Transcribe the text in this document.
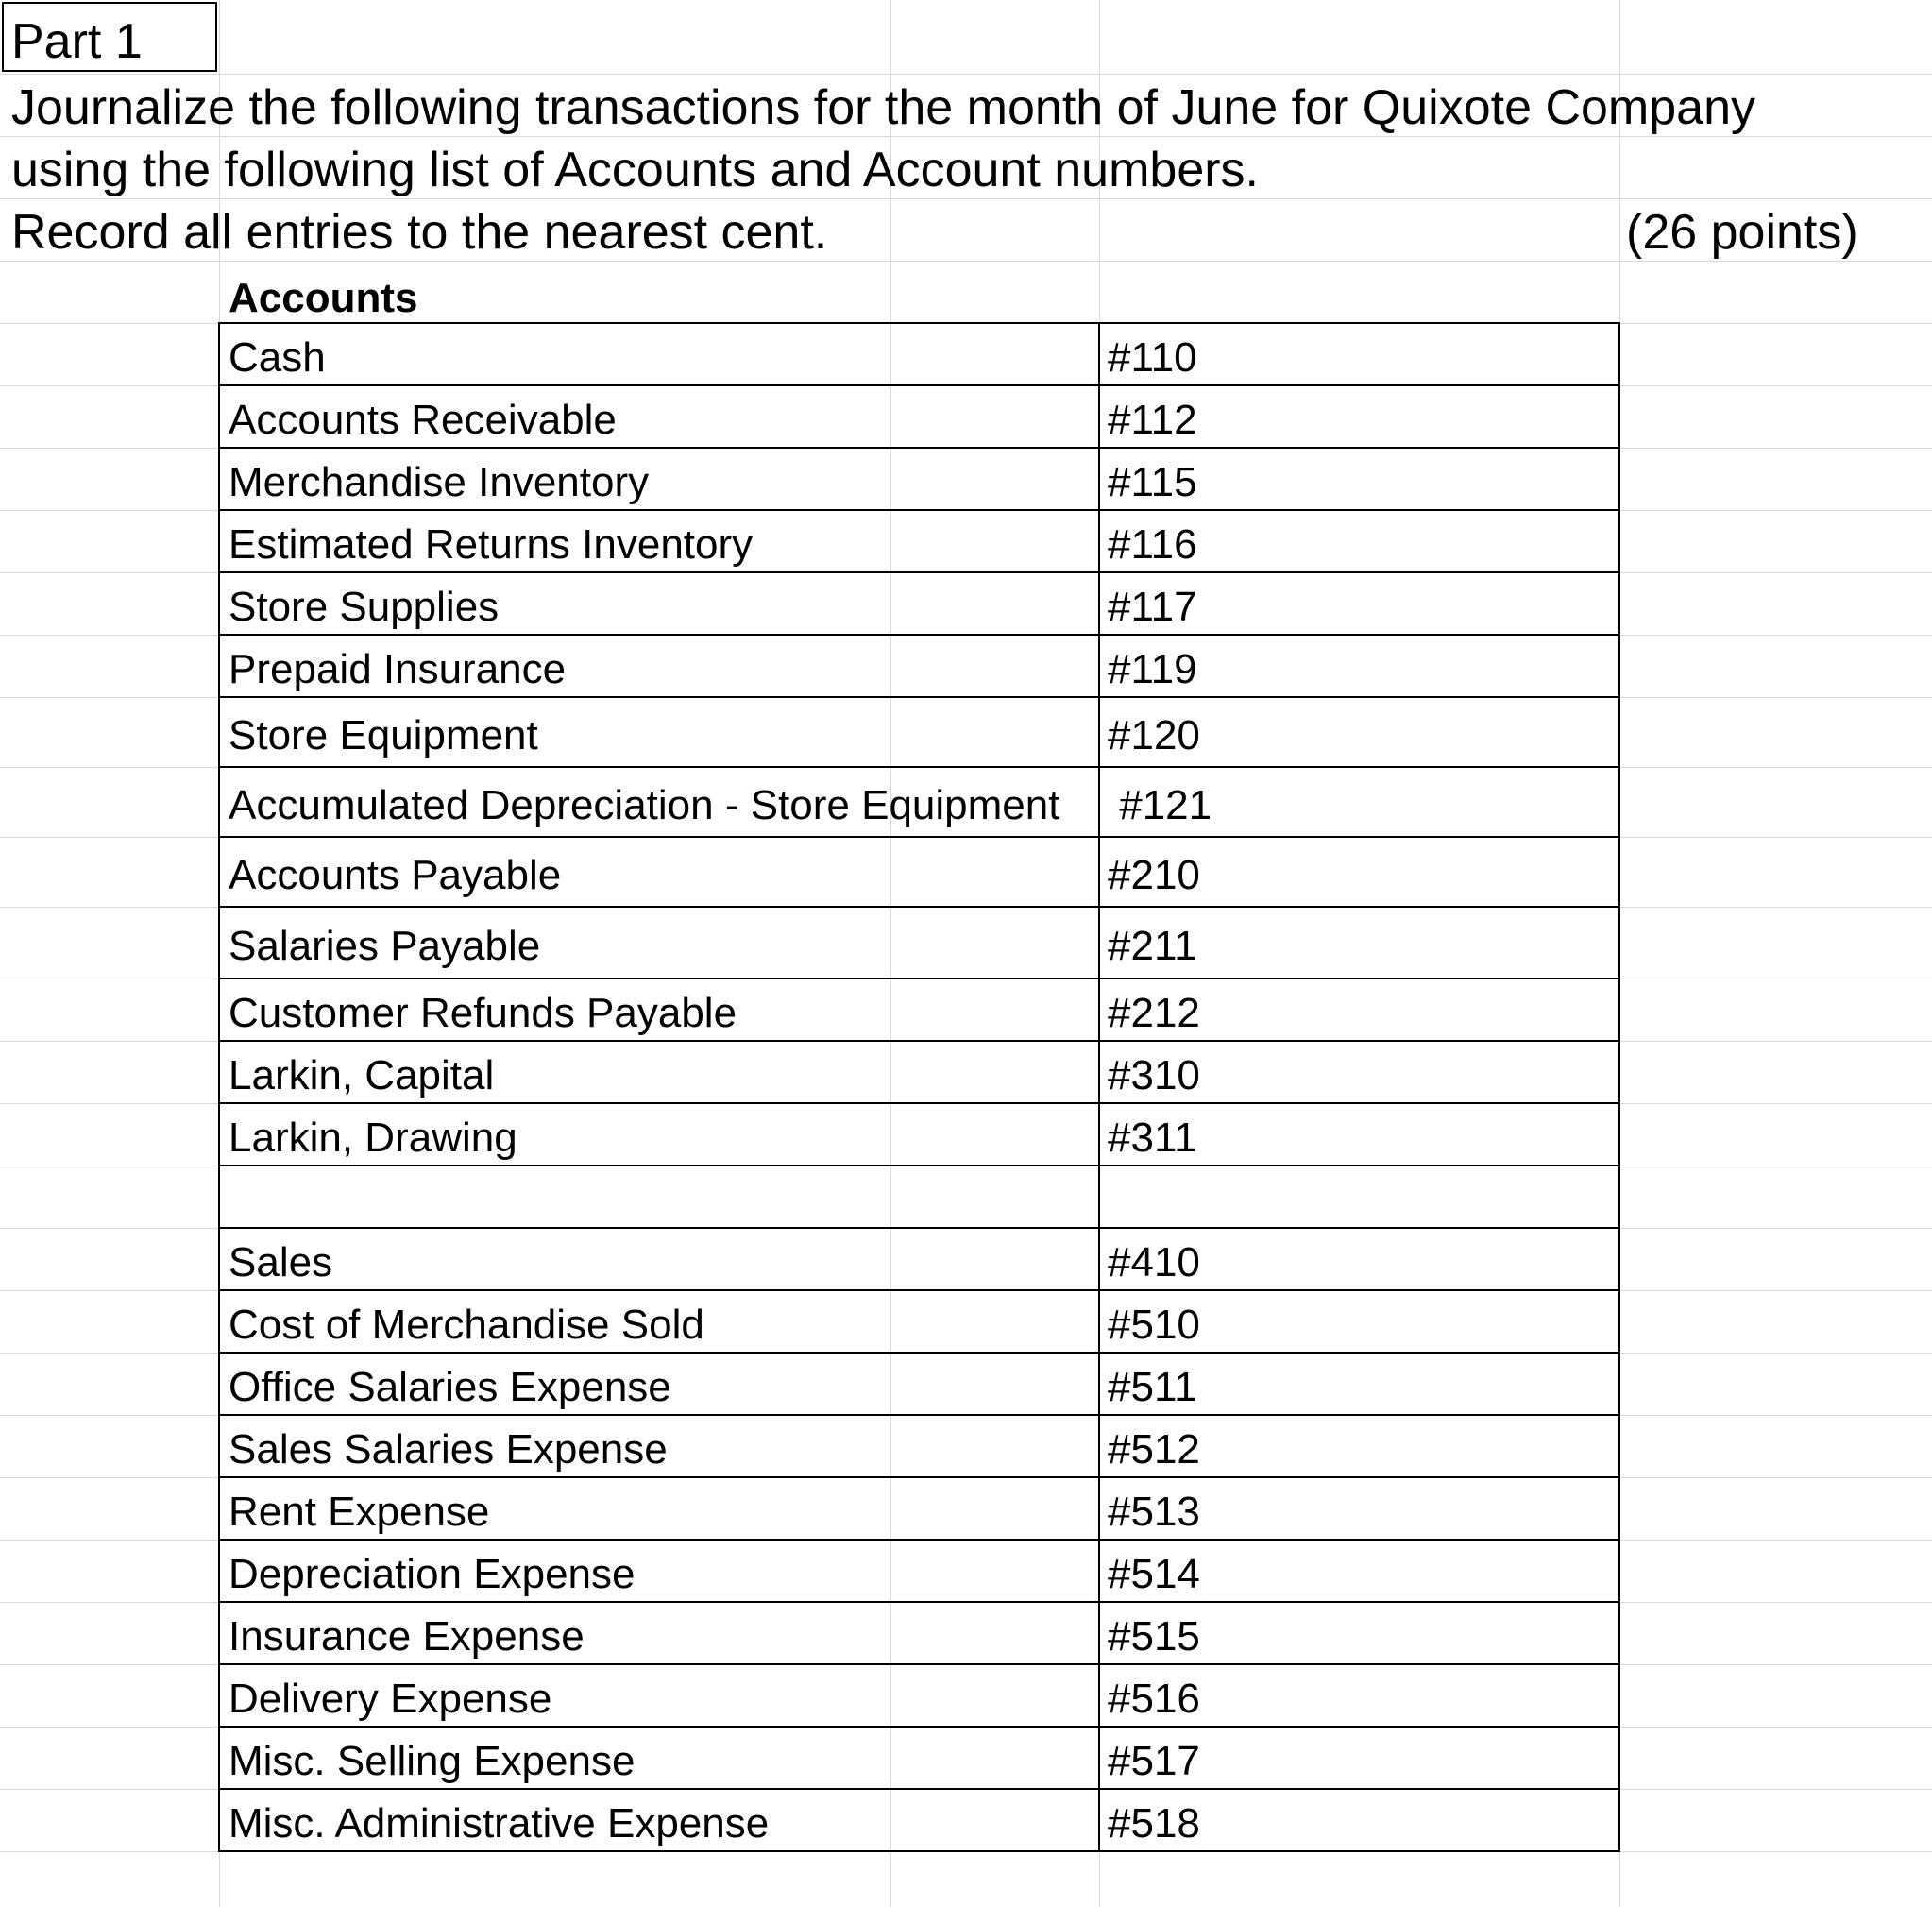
Part 1
Journalize the following transactions for the month of June for Quixote Company
using the following list of Accounts and Account numbers.
Record all entries to the nearest cent.	(26 points)
Accounts
Cash	#110
Accounts Receivable	#112
Merchandise Inventory	#115
Estimated Returns Inventory	#116
Store Supplies	#117
Prepaid Insurance	#119
Store Equipment	#120
Accumulated Depreciation - Store Equipment #121
Accounts Payable	#210
Salaries Payable	#211
Customer Refunds Payable	#212
Larkin, Capital	#310
Larkin, Drawing	#311
Sales	#410
Cost of Merchandise Sold	#510
Office Salaries Expense	#511
Sales Salaries Expense	#512
Rent Expense	#513
Depreciation Expense	#514
Insurance Expense	#515
Delivery Expense	#516
Misc. Selling Expense	#517
Misc. Administrative Expense	#518
